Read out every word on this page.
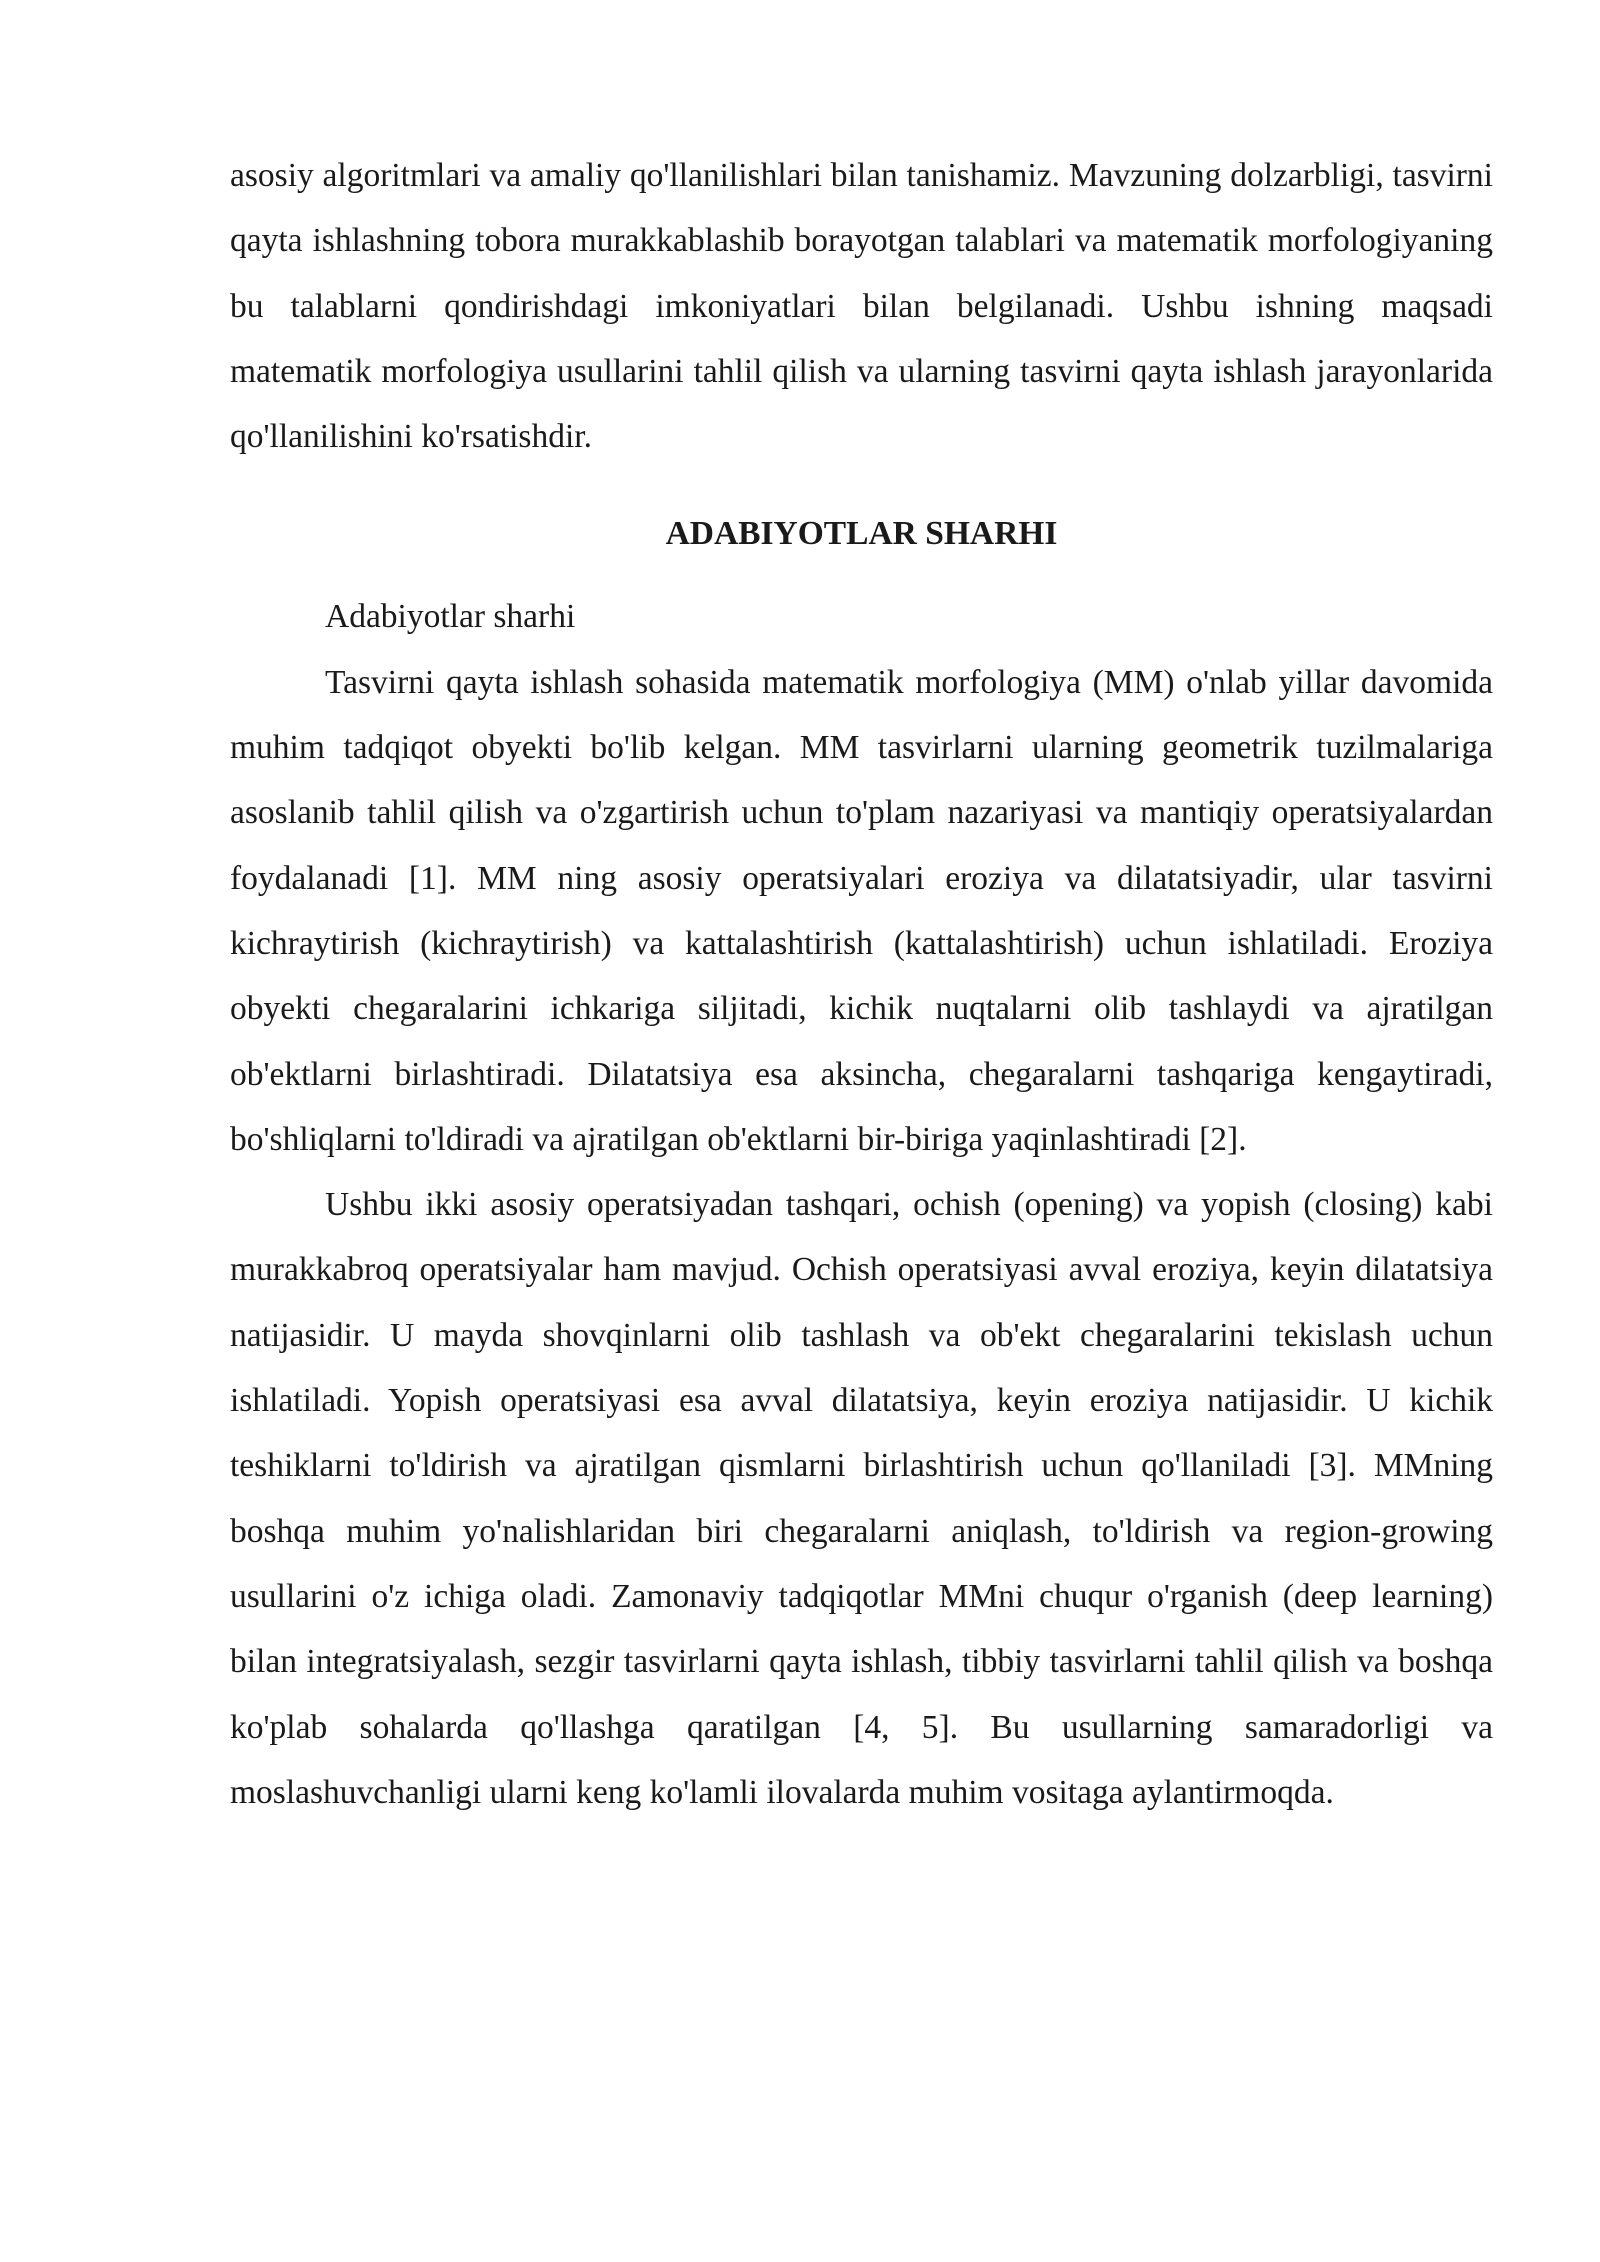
asosiy algoritmlari va amaliy qo'llanilishlari bilan tanishamiz. Mavzuning dolzarbligi, tasvirni qayta ishlashning tobora murakkablashib borayotgan talablari va matematik morfologiyaning bu talablarni qondirishdagi imkoniyatlari bilan belgilanadi. Ushbu ishning maqsadi matematik morfologiya usullarini tahlil qilish va ularning tasvirni qayta ishlash jarayonlarida qo'llanilishini ko'rsatishdir.

ADABIYOTLAR SHARHI

Adabiyotlar sharhi

Tasvirni qayta ishlash sohasida matematik morfologiya (MM) o'nlab yillar davomida muhim tadqiqot obyekti bo'lib kelgan. MM tasvirlarni ularning geometrik tuzilmalariga asoslanib tahlil qilish va o'zgartirish uchun to'plam nazariyasi va mantiqiy operatsiyalardan foydalanadi [1]. MM ning asosiy operatsiyalari eroziya va dilatatsiyadir, ular tasvirni kichraytirish (kichraytirish) va kattalashtirish (kattalashtirish) uchun ishlatiladi. Eroziya obyekti chegaralarini ichkariga siljitadi, kichik nuqtalarni olib tashlaydi va ajratilgan ob'ektlarni birlashtiradi. Dilatatsiya esa aksincha, chegaralarni tashqariga kengaytiradi, bo'shliqlarni to'ldiradi va ajratilgan ob'ektlarni bir-biriga yaqinlashtiradi [2].

Ushbu ikki asosiy operatsiyadan tashqari, ochish (opening) va yopish (closing) kabi murakkabroq operatsiyalar ham mavjud. Ochish operatsiyasi avval eroziya, keyin dilatatsiya natijasidir. U mayda shovqinlarni olib tashlash va ob'ekt chegaralarini tekislash uchun ishlatiladi. Yopish operatsiyasi esa avval dilatatsiya, keyin eroziya natijasidir. U kichik teshiklarni to'ldirish va ajratilgan qismlarni birlashtirish uchun qo'llaniladi [3]. MMning boshqa muhim yo'nalishlaridan biri chegaralarni aniqlash, to'ldirish va region-growing usullarini o'z ichiga oladi. Zamonaviy tadqiqotlar MMni chuqur o'rganish (deep learning) bilan integratsiyalash, sezgir tasvirlarni qayta ishlash, tibbiy tasvirlarni tahlil qilish va boshqa ko'plab sohalarda qo'llashga qaratilgan [4, 5]. Bu usullarning samaradorligi va moslashuvchanligi ularni keng ko'lamli ilovalarda muhim vositaga aylantirmoqda.
